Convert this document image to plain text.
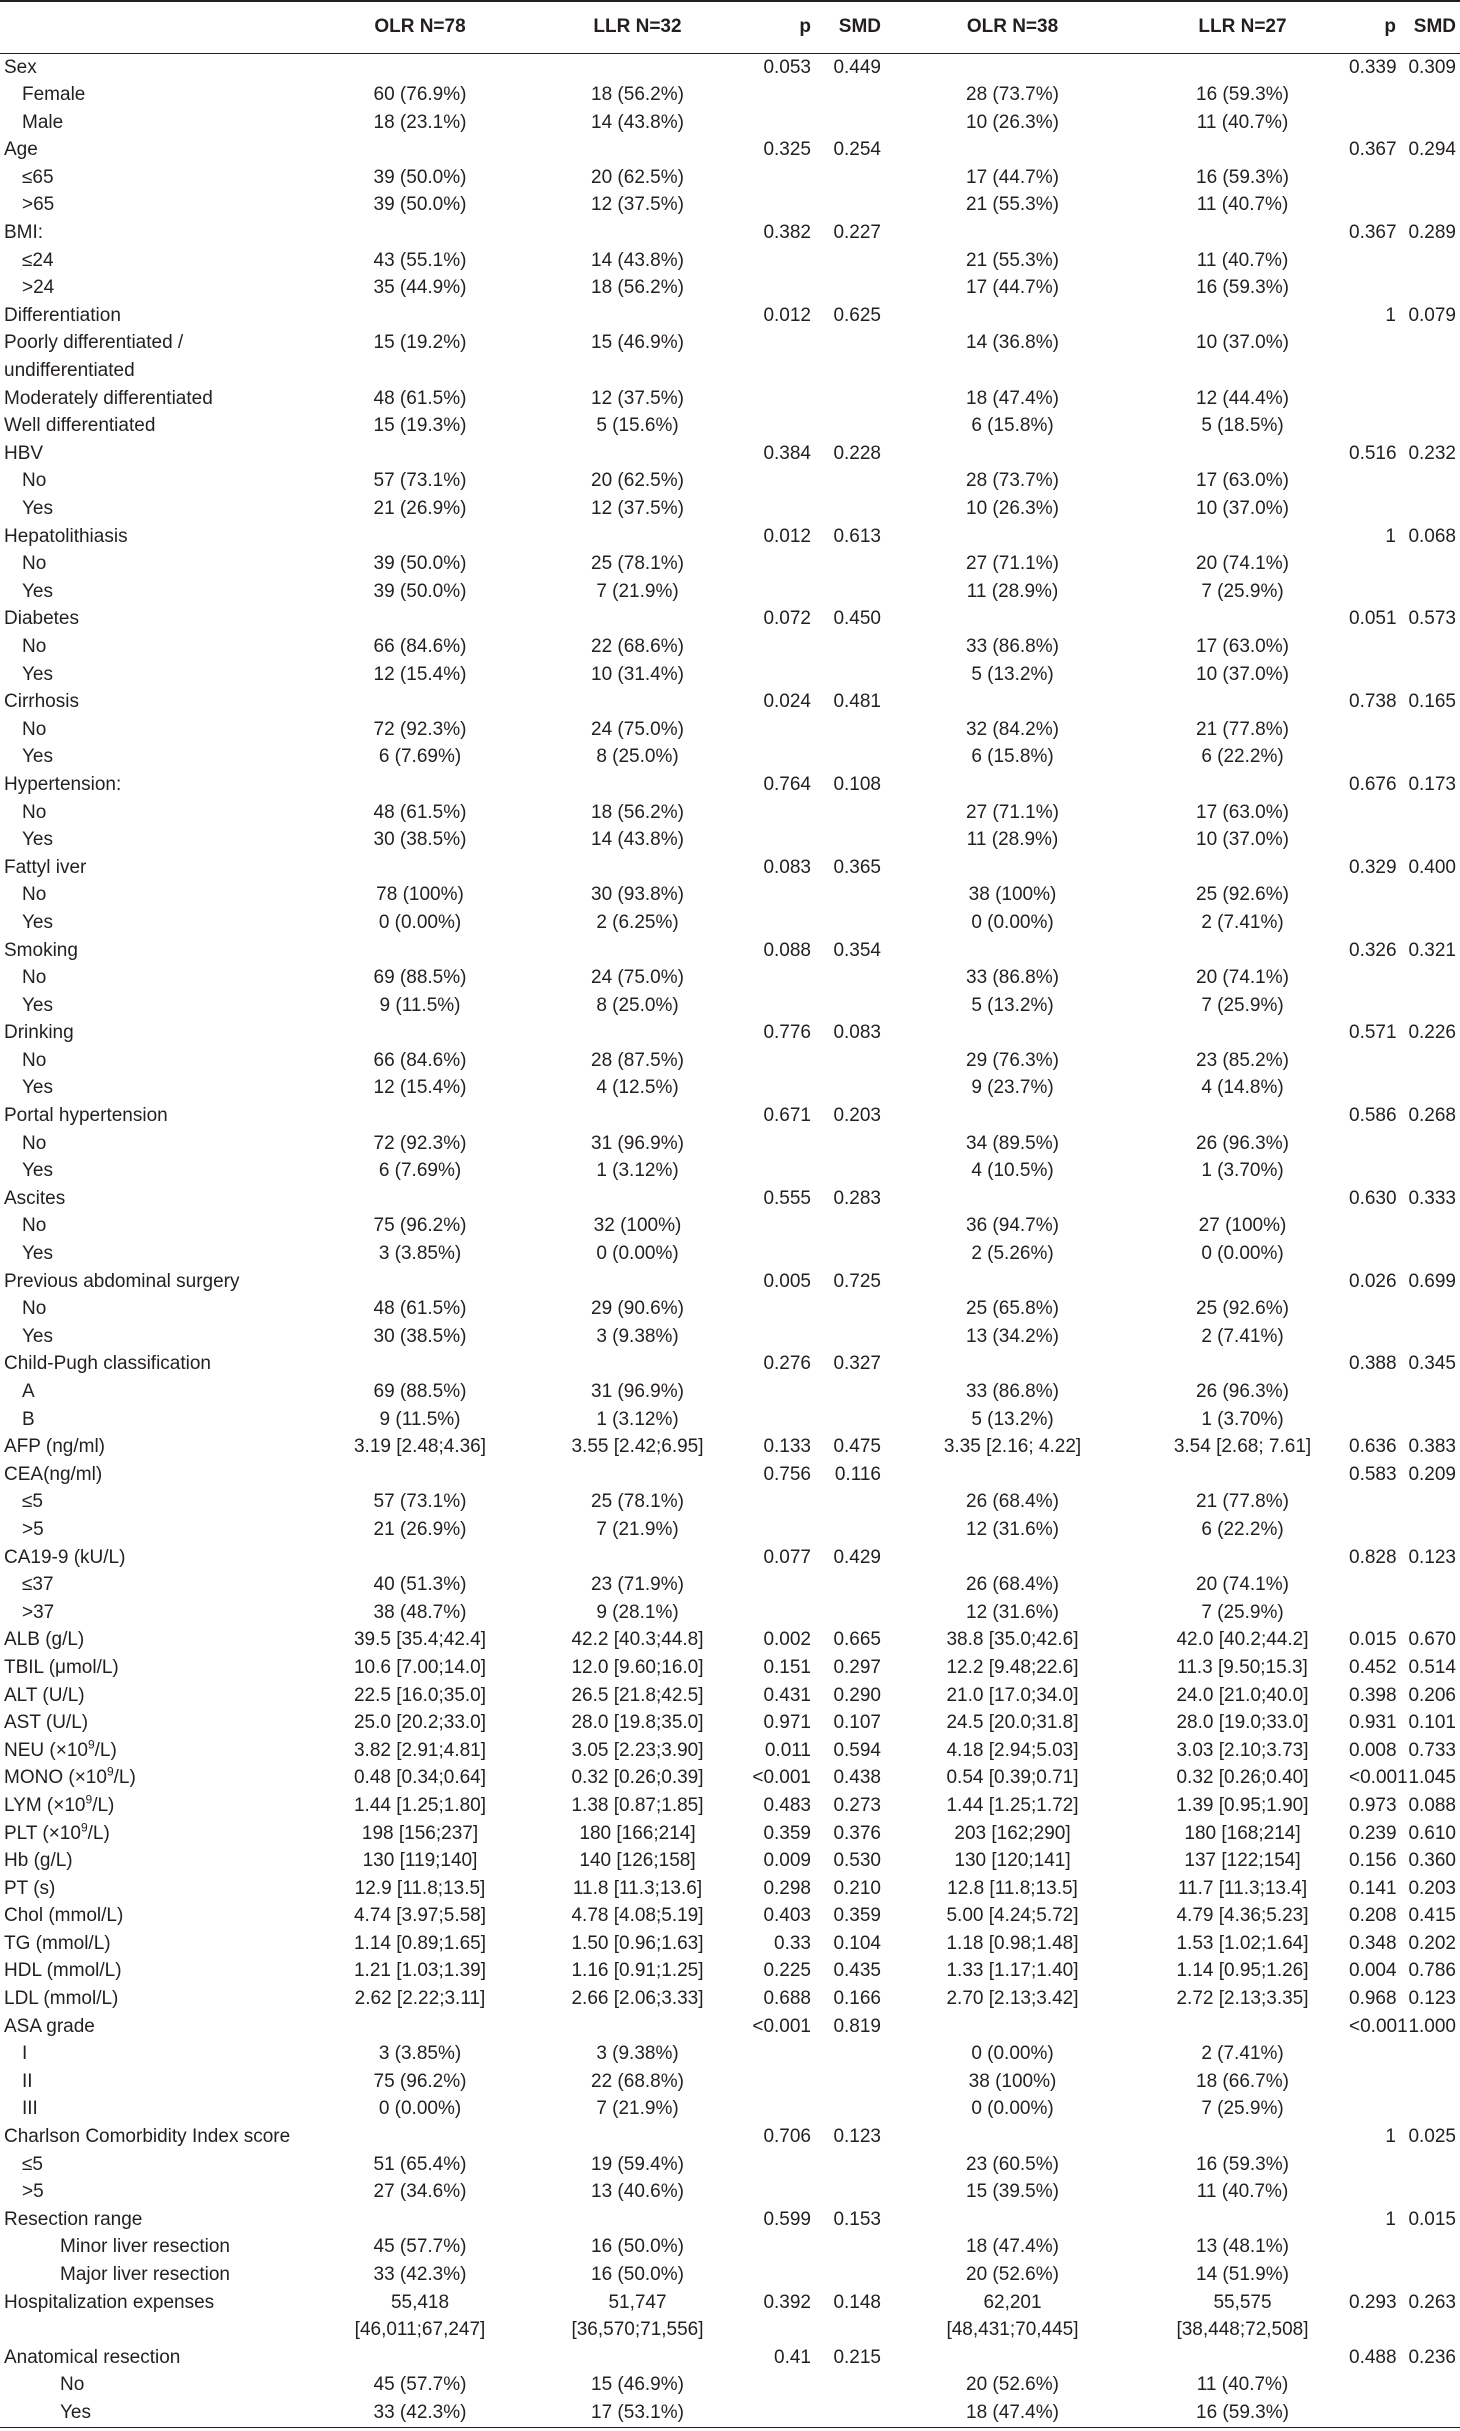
	OLR N=78	LLR N=32	p	SMD	OLR N=38	LLR N=27	p	SMD
Sex			0.053	0.449			0.339	0.309
Female	60 (76.9%)	18 (56.2%)			28 (73.7%)	16 (59.3%)		
Male	18 (23.1%)	14 (43.8%)			10 (26.3%)	11 (40.7%)		
Age			0.325	0.254			0.367	0.294
≤65	39 (50.0%)	20 (62.5%)			17 (44.7%)	16 (59.3%)		
>65	39 (50.0%)	12 (37.5%)			21 (55.3%)	11 (40.7%)		
BMI:			0.382	0.227			0.367	0.289
≤24	43 (55.1%)	14 (43.8%)			21 (55.3%)	11 (40.7%)		
>24	35 (44.9%)	18 (56.2%)			17 (44.7%)	16 (59.3%)		
Differentiation			0.012	0.625			1	0.079
Poorly differentiated /	15 (19.2%)	15 (46.9%)			14 (36.8%)	10 (37.0%)		
undifferentiated								
Moderately differentiated	48 (61.5%)	12 (37.5%)			18 (47.4%)	12 (44.4%)		
Well differentiated	15 (19.3%)	5 (15.6%)			6 (15.8%)	5 (18.5%)		
HBV			0.384	0.228			0.516	0.232
No	57 (73.1%)	20 (62.5%)			28 (73.7%)	17 (63.0%)		
Yes	21 (26.9%)	12 (37.5%)			10 (26.3%)	10 (37.0%)		
Hepatolithiasis			0.012	0.613			1	0.068
No	39 (50.0%)	25 (78.1%)			27 (71.1%)	20 (74.1%)		
Yes	39 (50.0%)	7 (21.9%)			11 (28.9%)	7 (25.9%)		
Diabetes			0.072	0.450			0.051	0.573
No	66 (84.6%)	22 (68.6%)			33 (86.8%)	17 (63.0%)		
Yes	12 (15.4%)	10 (31.4%)			5 (13.2%)	10 (37.0%)		
Cirrhosis			0.024	0.481			0.738	0.165
No	72 (92.3%)	24 (75.0%)			32 (84.2%)	21 (77.8%)		
Yes	6 (7.69%)	8 (25.0%)			6 (15.8%)	6 (22.2%)		
Hypertension:			0.764	0.108			0.676	0.173
No	48 (61.5%)	18 (56.2%)			27 (71.1%)	17 (63.0%)		
Yes	30 (38.5%)	14 (43.8%)			11 (28.9%)	10 (37.0%)		
Fattyl iver			0.083	0.365			0.329	0.400
No	78 (100%)	30 (93.8%)			38 (100%)	25 (92.6%)		
Yes	0 (0.00%)	2 (6.25%)			0 (0.00%)	2 (7.41%)		
Smoking			0.088	0.354			0.326	0.321
No	69 (88.5%)	24 (75.0%)			33 (86.8%)	20 (74.1%)		
Yes	9 (11.5%)	8 (25.0%)			5 (13.2%)	7 (25.9%)		
Drinking			0.776	0.083			0.571	0.226
No	66 (84.6%)	28 (87.5%)			29 (76.3%)	23 (85.2%)		
Yes	12 (15.4%)	4 (12.5%)			9 (23.7%)	4 (14.8%)		
Portal hypertension			0.671	0.203			0.586	0.268
No	72 (92.3%)	31 (96.9%)			34 (89.5%)	26 (96.3%)		
Yes	6 (7.69%)	1 (3.12%)			4 (10.5%)	1 (3.70%)		
Ascites			0.555	0.283			0.630	0.333
No	75 (96.2%)	32 (100%)			36 (94.7%)	27 (100%)		
Yes	3 (3.85%)	0 (0.00%)			2 (5.26%)	0 (0.00%)		
Previous abdominal surgery			0.005	0.725			0.026	0.699
No	48 (61.5%)	29 (90.6%)			25 (65.8%)	25 (92.6%)		
Yes	30 (38.5%)	3 (9.38%)			13 (34.2%)	2 (7.41%)		
Child-Pugh classification			0.276	0.327			0.388	0.345
A	69 (88.5%)	31 (96.9%)			33 (86.8%)	26 (96.3%)		
B	9 (11.5%)	1 (3.12%)			5 (13.2%)	1 (3.70%)		
AFP (ng/ml)	3.19 [2.48;4.36]	3.55 [2.42;6.95]	0.133	0.475	3.35 [2.16; 4.22]	3.54 [2.68; 7.61]	0.636	0.383
CEA(ng/ml)			0.756	0.116			0.583	0.209
≤5	57 (73.1%)	25 (78.1%)			26 (68.4%)	21 (77.8%)		
>5	21 (26.9%)	7 (21.9%)			12 (31.6%)	6 (22.2%)		
CA19-9 (kU/L)			0.077	0.429			0.828	0.123
≤37	40 (51.3%)	23 (71.9%)			26 (68.4%)	20 (74.1%)		
>37	38 (48.7%)	9 (28.1%)			12 (31.6%)	7 (25.9%)		
ALB (g/L)	39.5 [35.4;42.4]	42.2 [40.3;44.8]	0.002	0.665	38.8 [35.0;42.6]	42.0 [40.2;44.2]	0.015	0.670
TBIL (μmol/L)	10.6 [7.00;14.0]	12.0 [9.60;16.0]	0.151	0.297	12.2 [9.48;22.6]	11.3 [9.50;15.3]	0.452	0.514
ALT (U/L)	22.5 [16.0;35.0]	26.5 [21.8;42.5]	0.431	0.290	21.0 [17.0;34.0]	24.0 [21.0;40.0]	0.398	0.206
AST (U/L)	25.0 [20.2;33.0]	28.0 [19.8;35.0]	0.971	0.107	24.5 [20.0;31.8]	28.0 [19.0;33.0]	0.931	0.101
NEU $(\times 10^9/L)$	3.82 [2.91;4.81]	3.05 [2.23;3.90]	0.011	0.594	4.18 [2.94;5.03]	3.03 [2.10;3.73]	0.008	0.733
MONO $(\times 10^9/L)$	0.48 [0.34;0.64]	0.32 [0.26;0.39]	<0.001	0.438	0.54 [0.39;0.71]	0.32 [0.26;0.40]	<0.001	1.045
LYM $(\times 10^9/L)$	1.44 [1.25;1.80]	1.38 [0.87;1.85]	0.483	0.273	1.44 [1.25;1.72]	1.39 [0.95;1.90]	0.973	0.088
PLT $(\times 10^9/L)$	198 [156;237]	180 [166;214]	0.359	0.376	203 [162;290]	180 [168;214]	0.239	0.610
Hb (g/L)	130 [119;140]	140 [126;158]	0.009	0.530	130 [120;141]	137 [122;154]	0.156	0.360
PT (s)	12.9 [11.8;13.5]	11.8 [11.3;13.6]	0.298	0.210	12.8 [11.8;13.5]	11.7 [11.3;13.4]	0.141	0.203
Chol (mmol/L)	4.74 [3.97;5.58]	4.78 [4.08;5.19]	0.403	0.359	5.00 [4.24;5.72]	4.79 [4.36;5.23]	0.208	0.415
TG (mmol/L)	1.14 [0.89;1.65]	1.50 [0.96;1.63]	0.33	0.104	1.18 [0.98;1.48]	1.53 [1.02;1.64]	0.348	0.202
HDL (mmol/L)	1.21 [1.03;1.39]	1.16 [0.91;1.25]	0.225	0.435	1.33 [1.17;1.40]	1.14 [0.95;1.26]	0.004	0.786
LDL (mmol/L)	2.62 [2.22;3.11]	2.66 [2.06;3.33]	0.688	0.166	2.70 [2.13;3.42]	2.72 [2.13;3.35]	0.968	0.123
ASA grade			<0.001	0.819			<0.001	1.000
I	3 (3.85%)	3 (9.38%)			0 (0.00%)	2 (7.41%)		
II	75 (96.2%)	22 (68.8%)			38 (100%)	18 (66.7%)		
III	0 (0.00%)	7 (21.9%)			0 (0.00%)	7 (25.9%)		
Charlson Comorbidity Index score			0.706	0.123			1	0.025
≤5	51 (65.4%)	19 (59.4%)			23 (60.5%)	16 (59.3%)		
>5	27 (34.6%)	13 (40.6%)			15 (39.5%)	11 (40.7%)		
Resection range			0.599	0.153			1	0.015
Minor liver resection	45 (57.7%)	16 (50.0%)			18 (47.4%)	13 (48.1%)		
Major liver resection	33 (42.3%)	16 (50.0%)			20 (52.6%)	14 (51.9%)		
Hospitalization expenses	55,418	51,747	0.392	0.148	62,201	55,575	0.293	0.263
	[46,011;67,247]	[36,570;71,556]			[48,431;70,445]	[38,448;72,508]		
Anatomical resection			0.41	0.215			0.488	0.236
No	45 (57.7%)	15 (46.9%)			20 (52.6%)	11 (40.7%)		
Yes	33 (42.3%)	17 (53.1%)			18 (47.4%)	16 (59.3%)		
